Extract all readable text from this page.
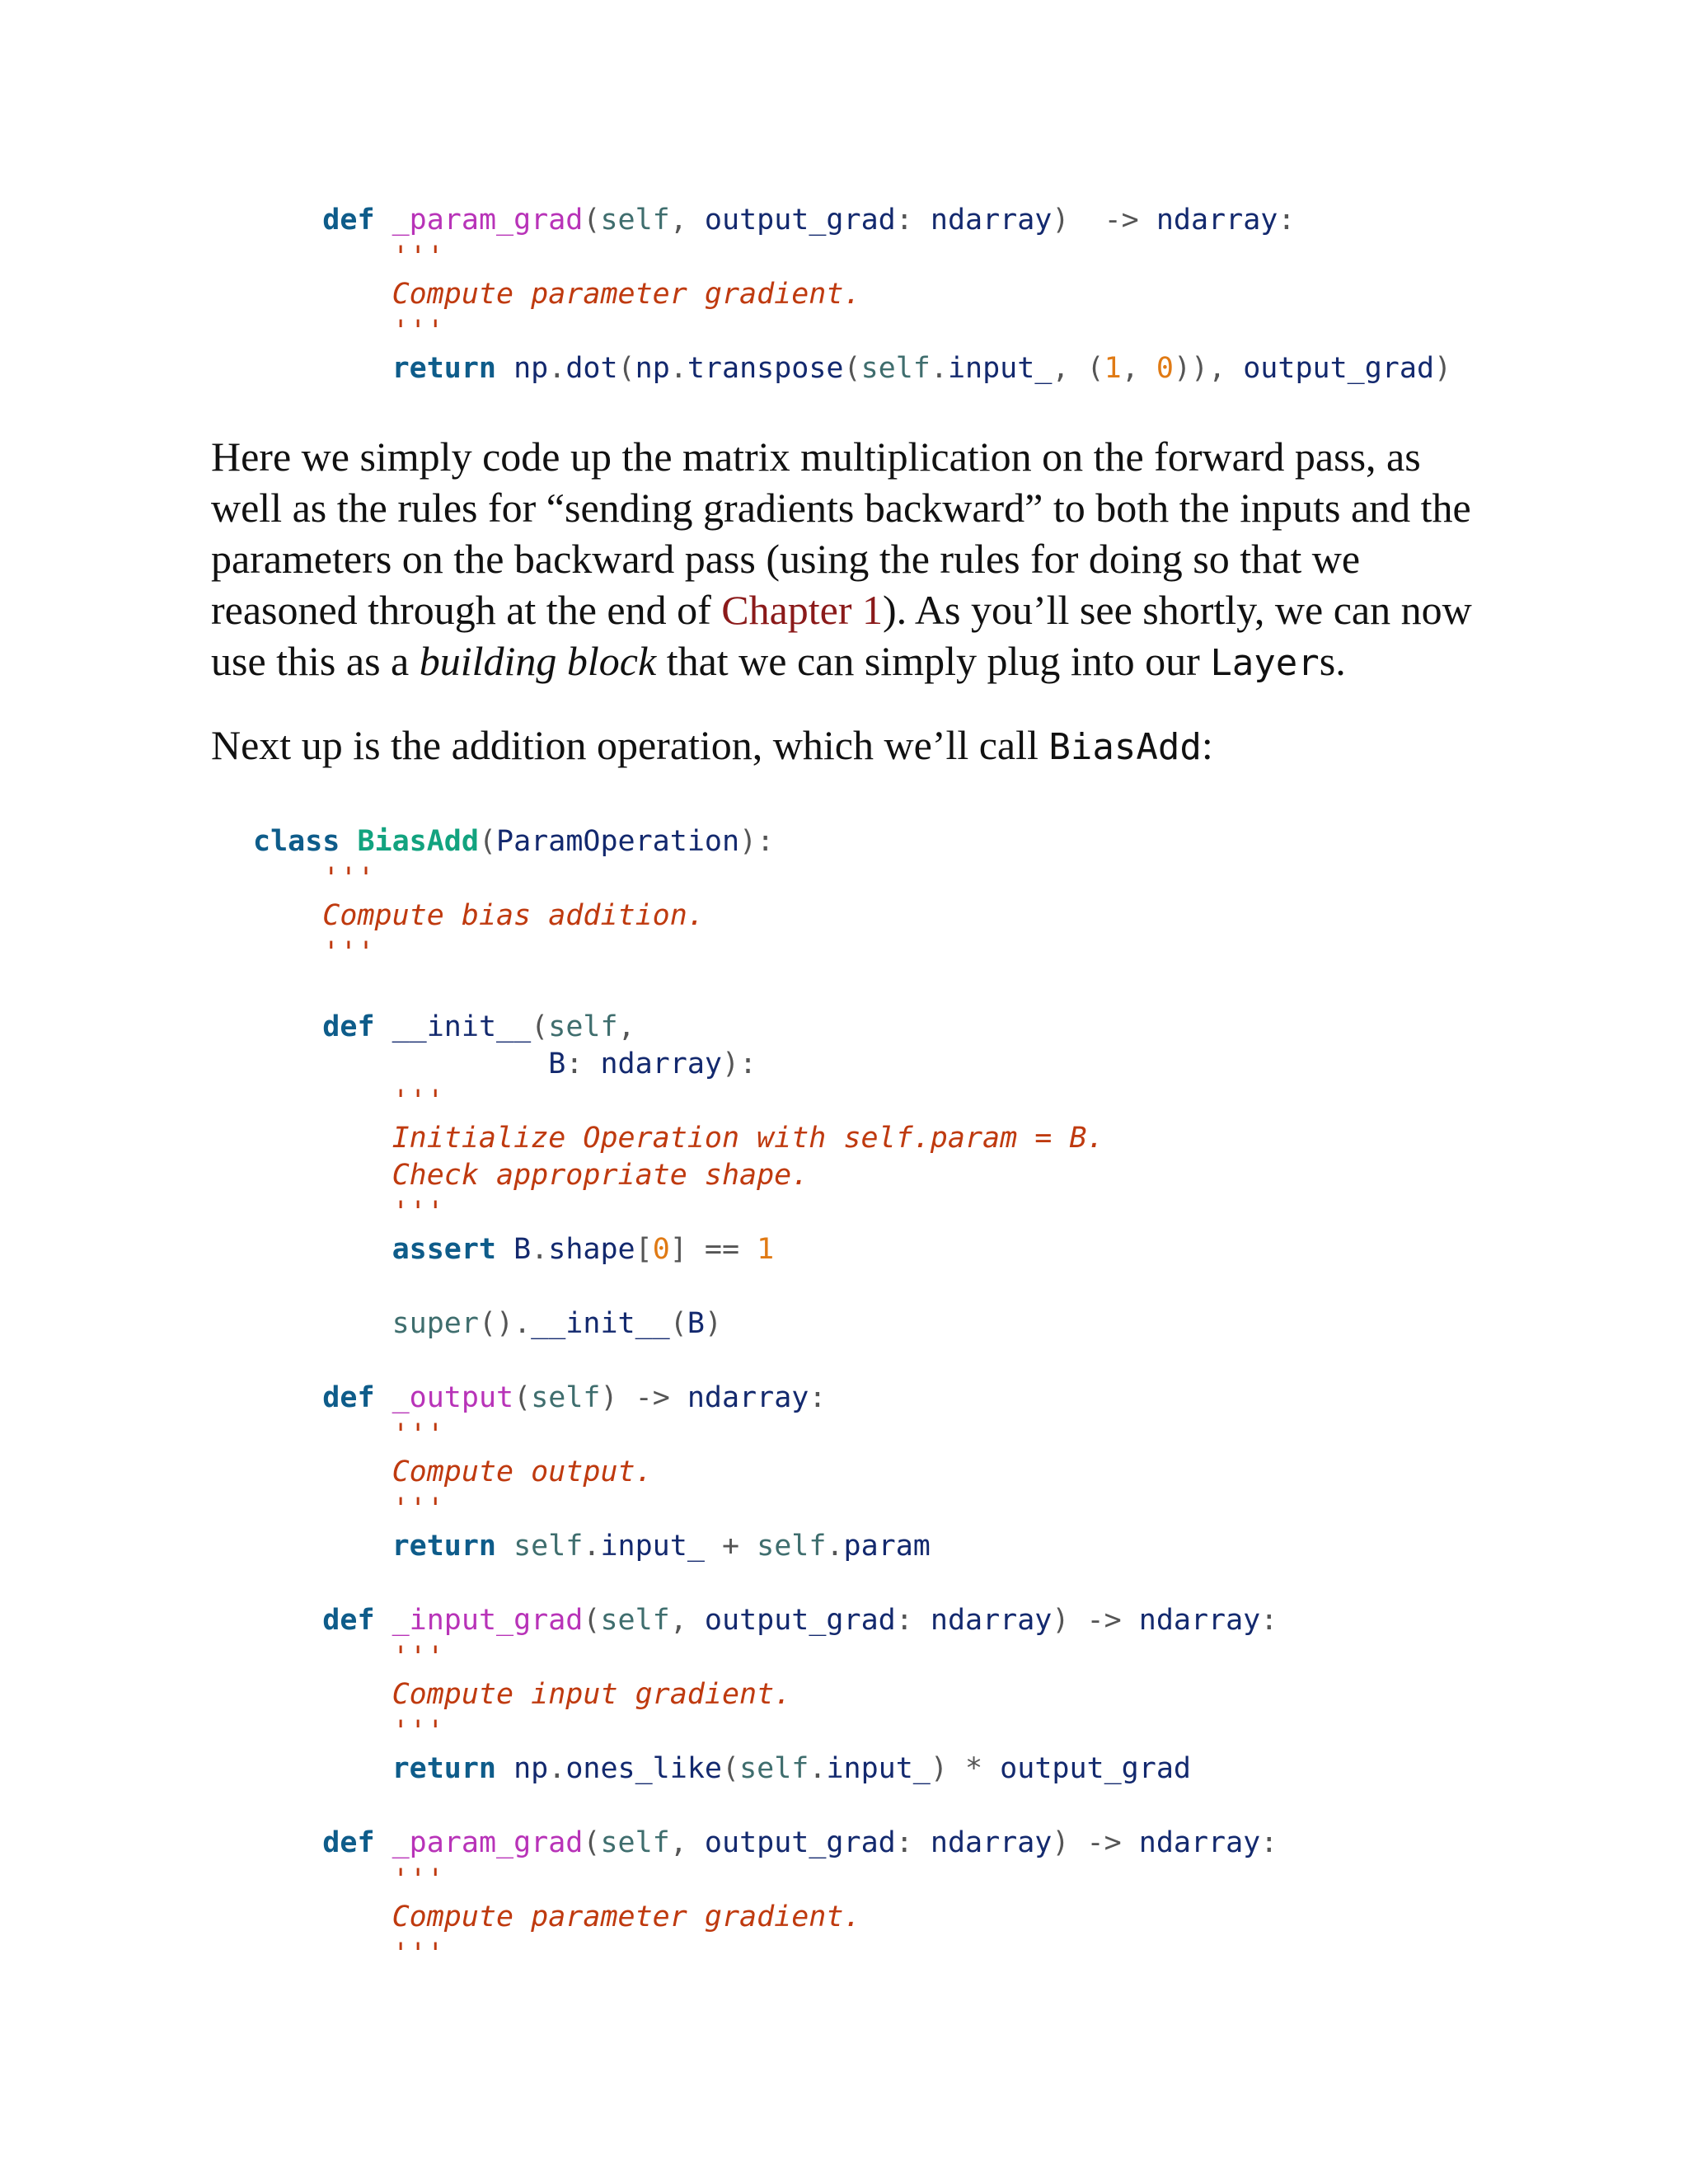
def _param_grad(self, output_grad: ndarray)  -> ndarray:
'''
Compute parameter gradient.
'''
return np.dot(np.transpose(self.input_, (1, 0)), output_grad)

Here we simply code up the matrix multiplication on the forward pass, as well as the rules for “sending gradients backward” to both the inputs and the parameters on the backward pass (using the rules for doing so that we reasoned through at the end of Chapter 1). As you’ll see shortly, we can now use this as a building block that we can simply plug into our Layers.

Next up is the addition operation, which we’ll call BiasAdd:

class BiasAdd(ParamOperation):
'''
Compute bias addition.
'''
def __init__(self,
B: ndarray):
'''
Initialize Operation with self.param = B.
Check appropriate shape.
'''
assert B.shape[0] == 1
super().__init__(B)
def _output(self) -> ndarray:
'''
Compute output.
'''
return self.input_ + self.param
def _input_grad(self, output_grad: ndarray) -> ndarray:
'''
Compute input gradient.
'''
return np.ones_like(self.input_) * output_grad
def _param_grad(self, output_grad: ndarray) -> ndarray:
'''
Compute parameter gradient.
'''
